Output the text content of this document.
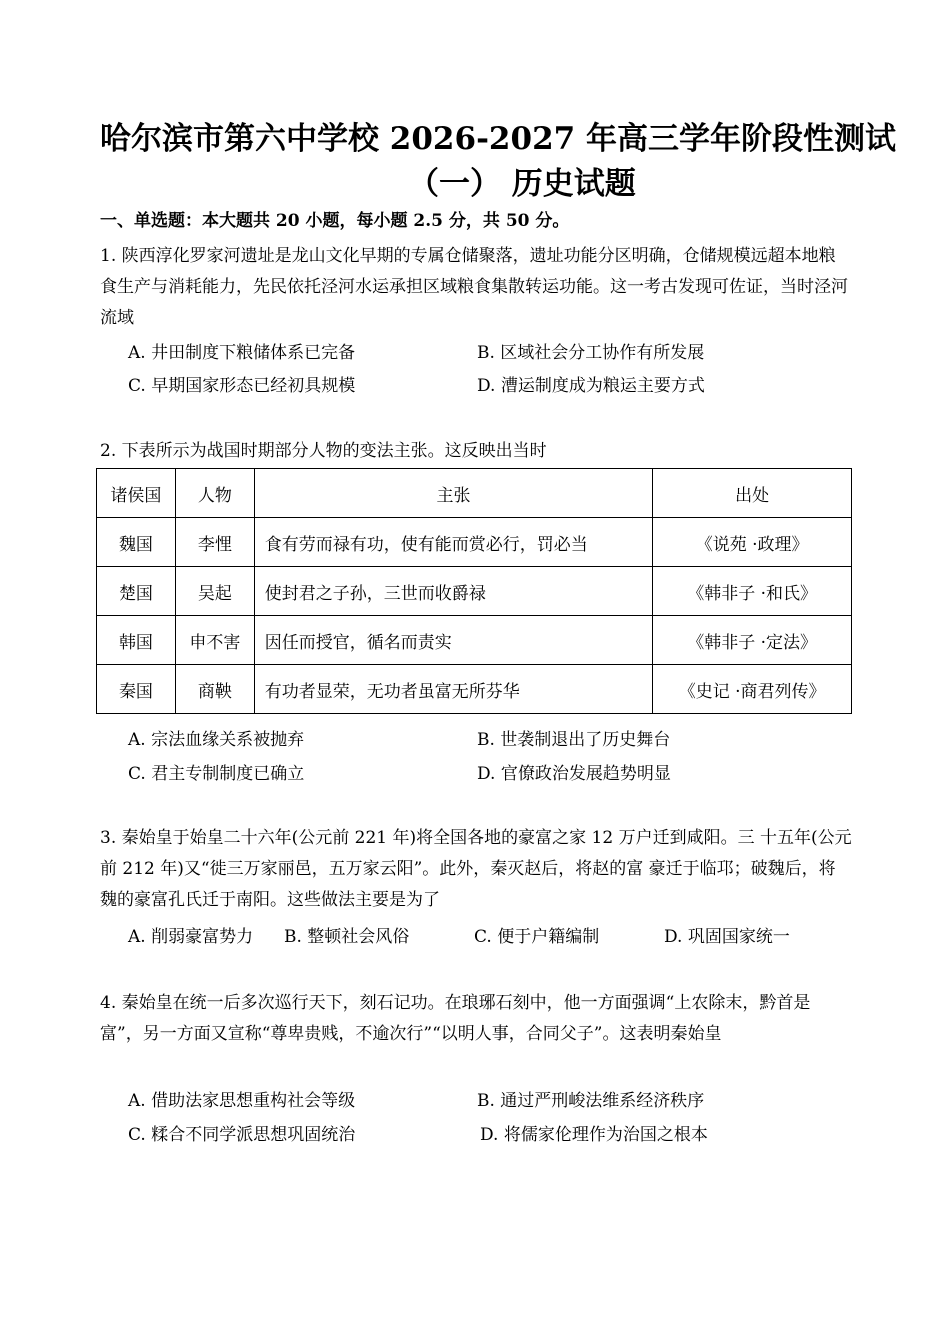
哈尔滨市第六中学校 2026-2027 年高三学年阶段性测试
（一） 历史试题
一、单选题：本大题共 20 小题，每小题 2.5 分，共 50 分。
1. 陕西淳化罗家河遗址是龙山文化早期的专属仓储聚落，遗址功能分区明确，仓储规模远超本地粮食生产与消耗能力，先民依托泾河水运承担区域粮食集散转运功能。这一考古发现可佐证，当时泾河流域
A. 井田制度下粮储体系已完备	B. 区域社会分工协作有所发展
C. 早期国家形态已经初具规模	D. 漕运制度成为粮运主要方式
2. 下表所示为战国时期部分人物的变法主张。这反映出当时
诸侯国	人物	主张	出处
魏国	李悝	食有劳而禄有功，使有能而赏必行，罚必当	《说苑 ·政理》
楚国	吴起	使封君之子孙，三世而收爵禄	《韩非子 ·和氏》
韩国	申不害	因任而授官，循名而责实	《韩非子 ·定法》
秦国	商鞅	有功者显荣，无功者虽富无所芬华	《史记 ·商君列传》
A. 宗法血缘关系被抛弃	B. 世袭制退出了历史舞台
C. 君主专制制度已确立	D. 官僚政治发展趋势明显
3. 秦始皇于始皇二十六年(公元前 221 年)将全国各地的豪富之家 12 万户迁到咸阳。三 十五年(公元前 212 年)又“徙三万家丽邑，五万家云阳”。此外，秦灭赵后，将赵的富 豪迁于临邛；破魏后，将魏的豪富孔氏迁于南阳。这些做法主要是为了
A. 削弱豪富势力 B. 整顿社会风俗	C. 便于户籍编制	D. 巩固国家统一
4. 秦始皇在统一后多次巡行天下，刻石记功。在琅琊石刻中，他一方面强调“上农除末，黔首是富”，另一方面又宣称“尊卑贵贱，不逾次行”“以明人事，合同父子”。这表明秦始皇
A. 借助法家思想重构社会等级	B. 通过严刑峻法维系经济秩序
C. 糅合不同学派思想巩固统治	D. 将儒家伦理作为治国之根本
